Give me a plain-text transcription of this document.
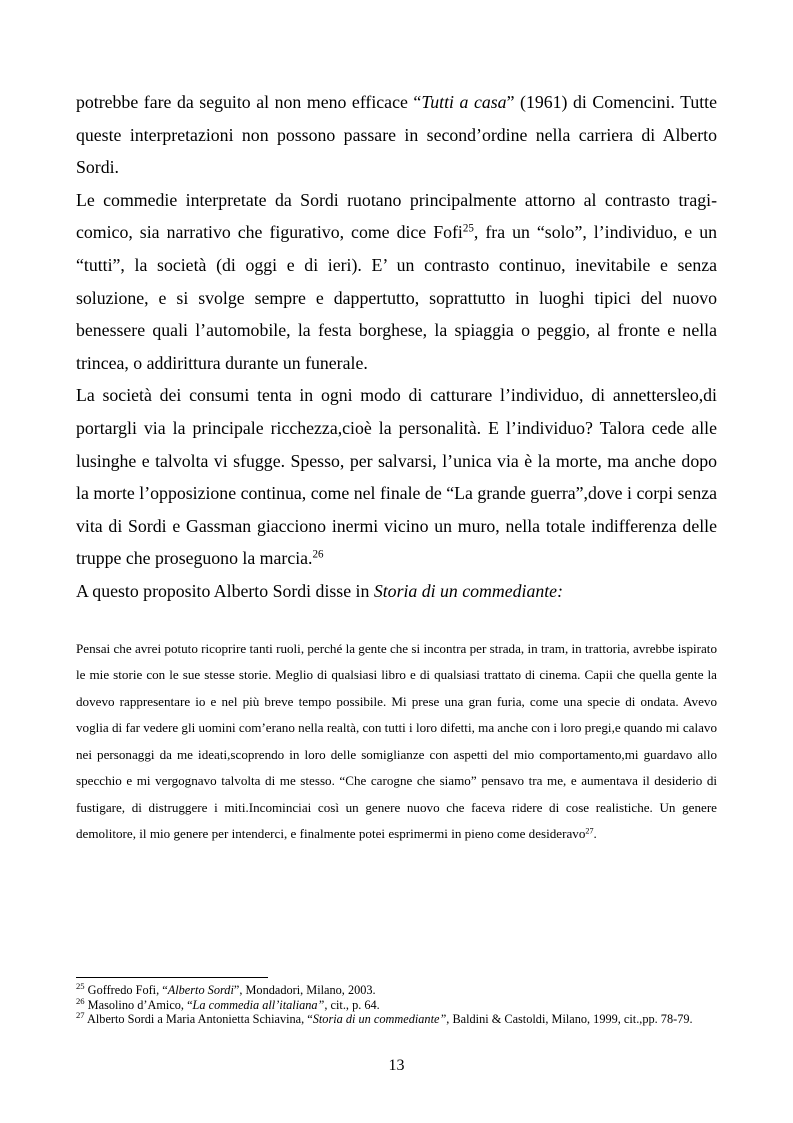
potrebbe fare da seguito al non meno efficace “Tutti a casa” (1961) di Comencini. Tutte queste interpretazioni non possono passare in second’ordine nella carriera di Alberto Sordi.

Le commedie interpretate da Sordi ruotano principalmente attorno al contrasto tragi-comico, sia narrativo che figurativo, come dice Fofi$^{25}$, fra un “solo”, l’individuo, e un “tutti”, la società (di oggi e di ieri). E’ un contrasto continuo, inevitabile e senza soluzione, e si svolge sempre e dappertutto, soprattutto in luoghi tipici del nuovo benessere quali l’automobile, la festa borghese, la spiaggia o peggio, al fronte e nella trincea, o addirittura durante un funerale.

La società dei consumi tenta in ogni modo di catturare l’individuo, di annettersleo,di portargli via la principale ricchezza,cioè la personalità. E l’individuo? Talora cede alle lusinghe e talvolta vi sfugge. Spesso, per salvarsi, l’unica via è la morte, ma anche dopo la morte l’opposizione continua, come nel finale de “La grande guerra”,dove i corpi senza vita di Sordi e Gassman giacciono inermi vicino un muro, nella totale indifferenza delle truppe che proseguono la marcia.$^{26}$

A questo proposito Alberto Sordi disse in Storia di un commediante:

Pensai che avrei potuto ricoprire tanti ruoli, perché la gente che si incontra per strada, in tram, in trattoria, avrebbe ispirato le mie storie con le sue stesse storie. Meglio di qualsiasi libro e di qualsiasi trattato di cinema. Capii che quella gente la dovevo rappresentare io e nel più breve tempo possibile. Mi prese una gran furia, come una specie di ondata. Avevo voglia di far vedere gli uomini com’erano nella realtà, con tutti i loro difetti, ma anche con i loro pregi,e quando mi calavo nei personaggi da me ideati,scoprendo in loro delle somiglianze con aspetti del mio comportamento,mi guardavo allo specchio e mi vergognavo talvolta di me stesso. “Che carogne che siamo” pensavo tra me, e aumentava il desiderio di fustigare, di distruggere i miti.Incominciai così un genere nuovo che faceva ridere di cose realistiche. Un genere demolitore, il mio genere per intenderci, e finalmente potei esprimermi in pieno come desideravo$^{27}$.

$^{25}$ Goffredo Fofi, “Alberto Sordi”, Mondadori, Milano, 2003.

$^{26}$ Masolino d’Amico, “La commedia all’italiana”, cit., p. 64.

$^{27}$ Alberto Sordi a Maria Antonietta Schiavina, “Storia di un commediante”, Baldini & Castoldi, Milano, 1999, cit.,pp. 78-79.

13
